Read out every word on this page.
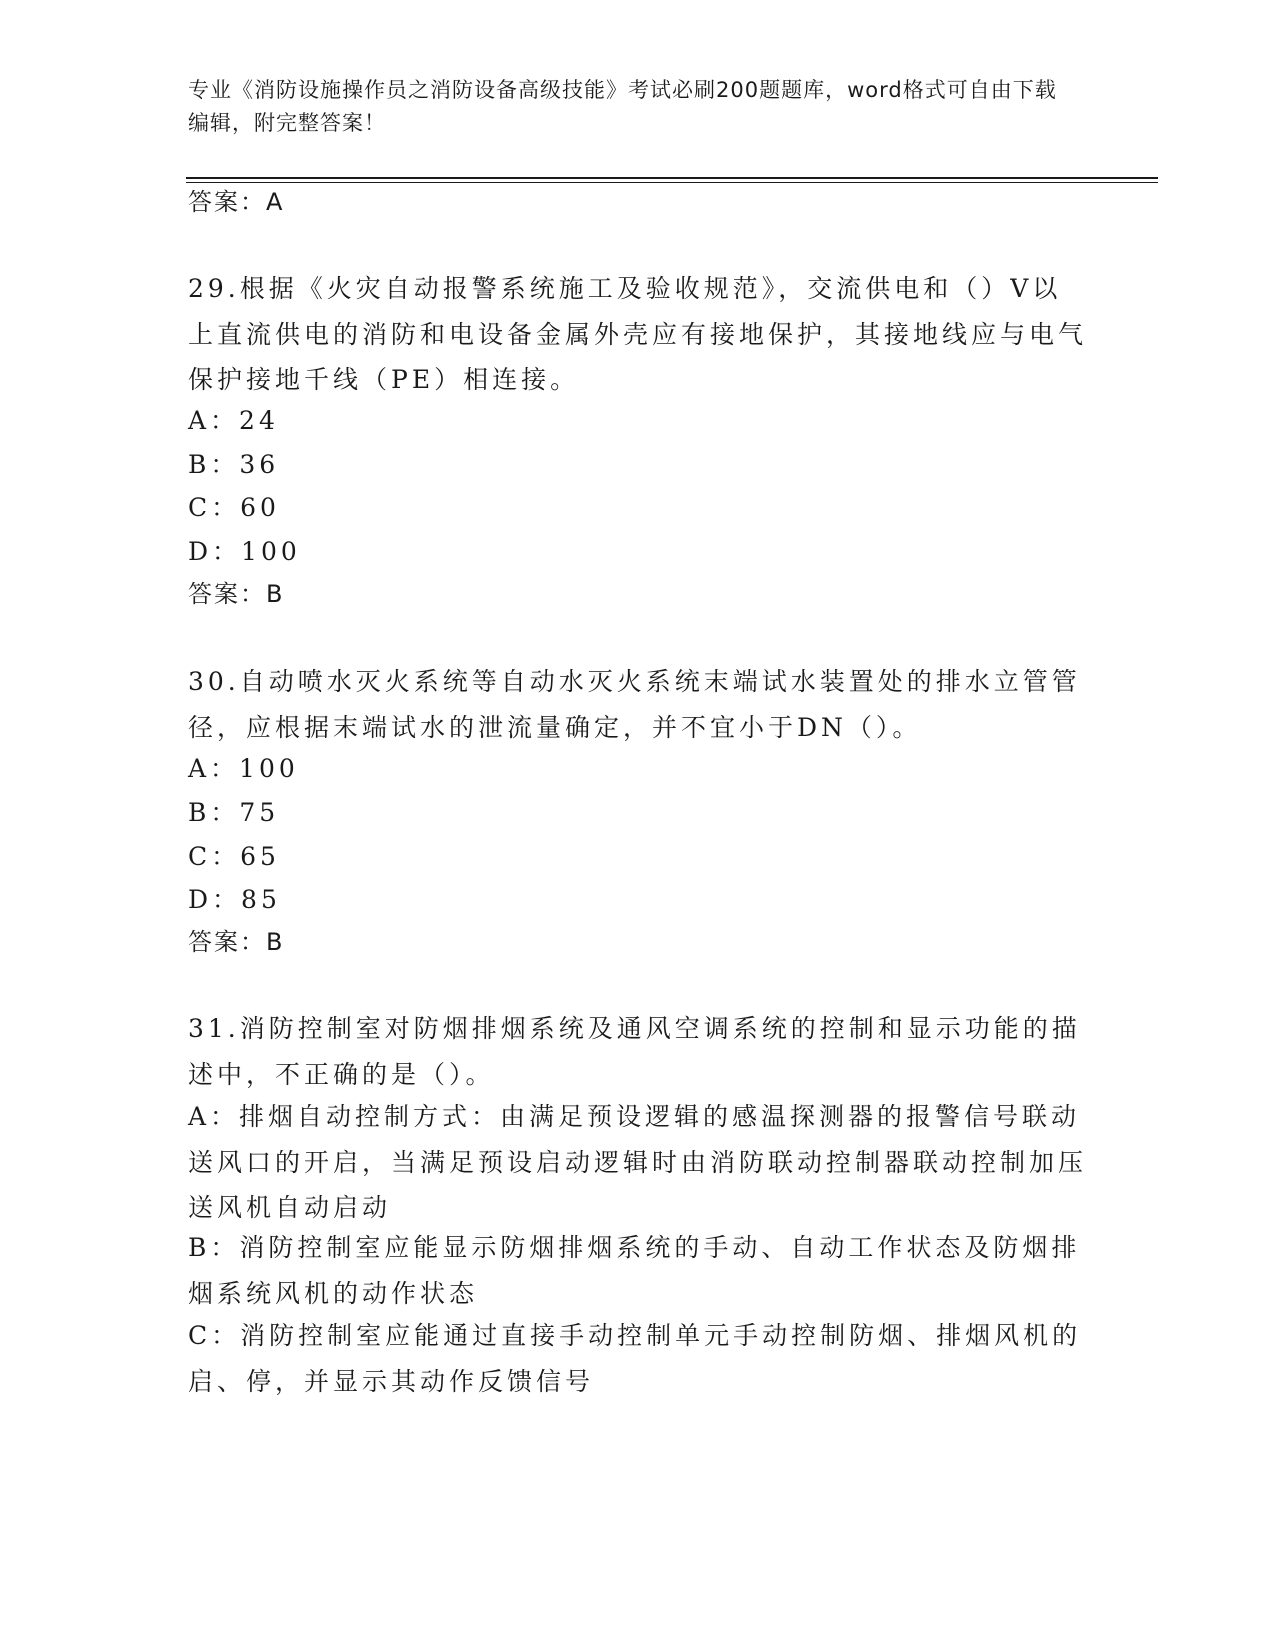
专业《消防设施操作员之消防设备高级技能》考试必刷200题题库，word格式可自由下载编辑，附完整答案！
答案：A
29.根据《火灾自动报警系统施工及验收规范》，交流供电和（）V以上直流供电的消防和电设备金属外壳应有接地保护，其接地线应与电气保护接地千线（PE）相连接。
A：24
B：36
C：60
D：100
答案：B
30.自动喷水灭火系统等自动水灭火系统末端试水装置处的排水立管管径，应根据末端试水的泄流量确定，并不宜小于DN（）。
A：100
B：75
C：65
D：85
答案：B
31.消防控制室对防烟排烟系统及通风空调系统的控制和显示功能的描述中，不正确的是（）。
A：排烟自动控制方式：由满足预设逻辑的感温探测器的报警信号联动送风口的开启，当满足预设启动逻辑时由消防联动控制器联动控制加压送风机自动启动
B：消防控制室应能显示防烟排烟系统的手动、自动工作状态及防烟排烟系统风机的动作状态
C：消防控制室应能通过直接手动控制单元手动控制防烟、排烟风机的启、停，并显示其动作反馈信号
